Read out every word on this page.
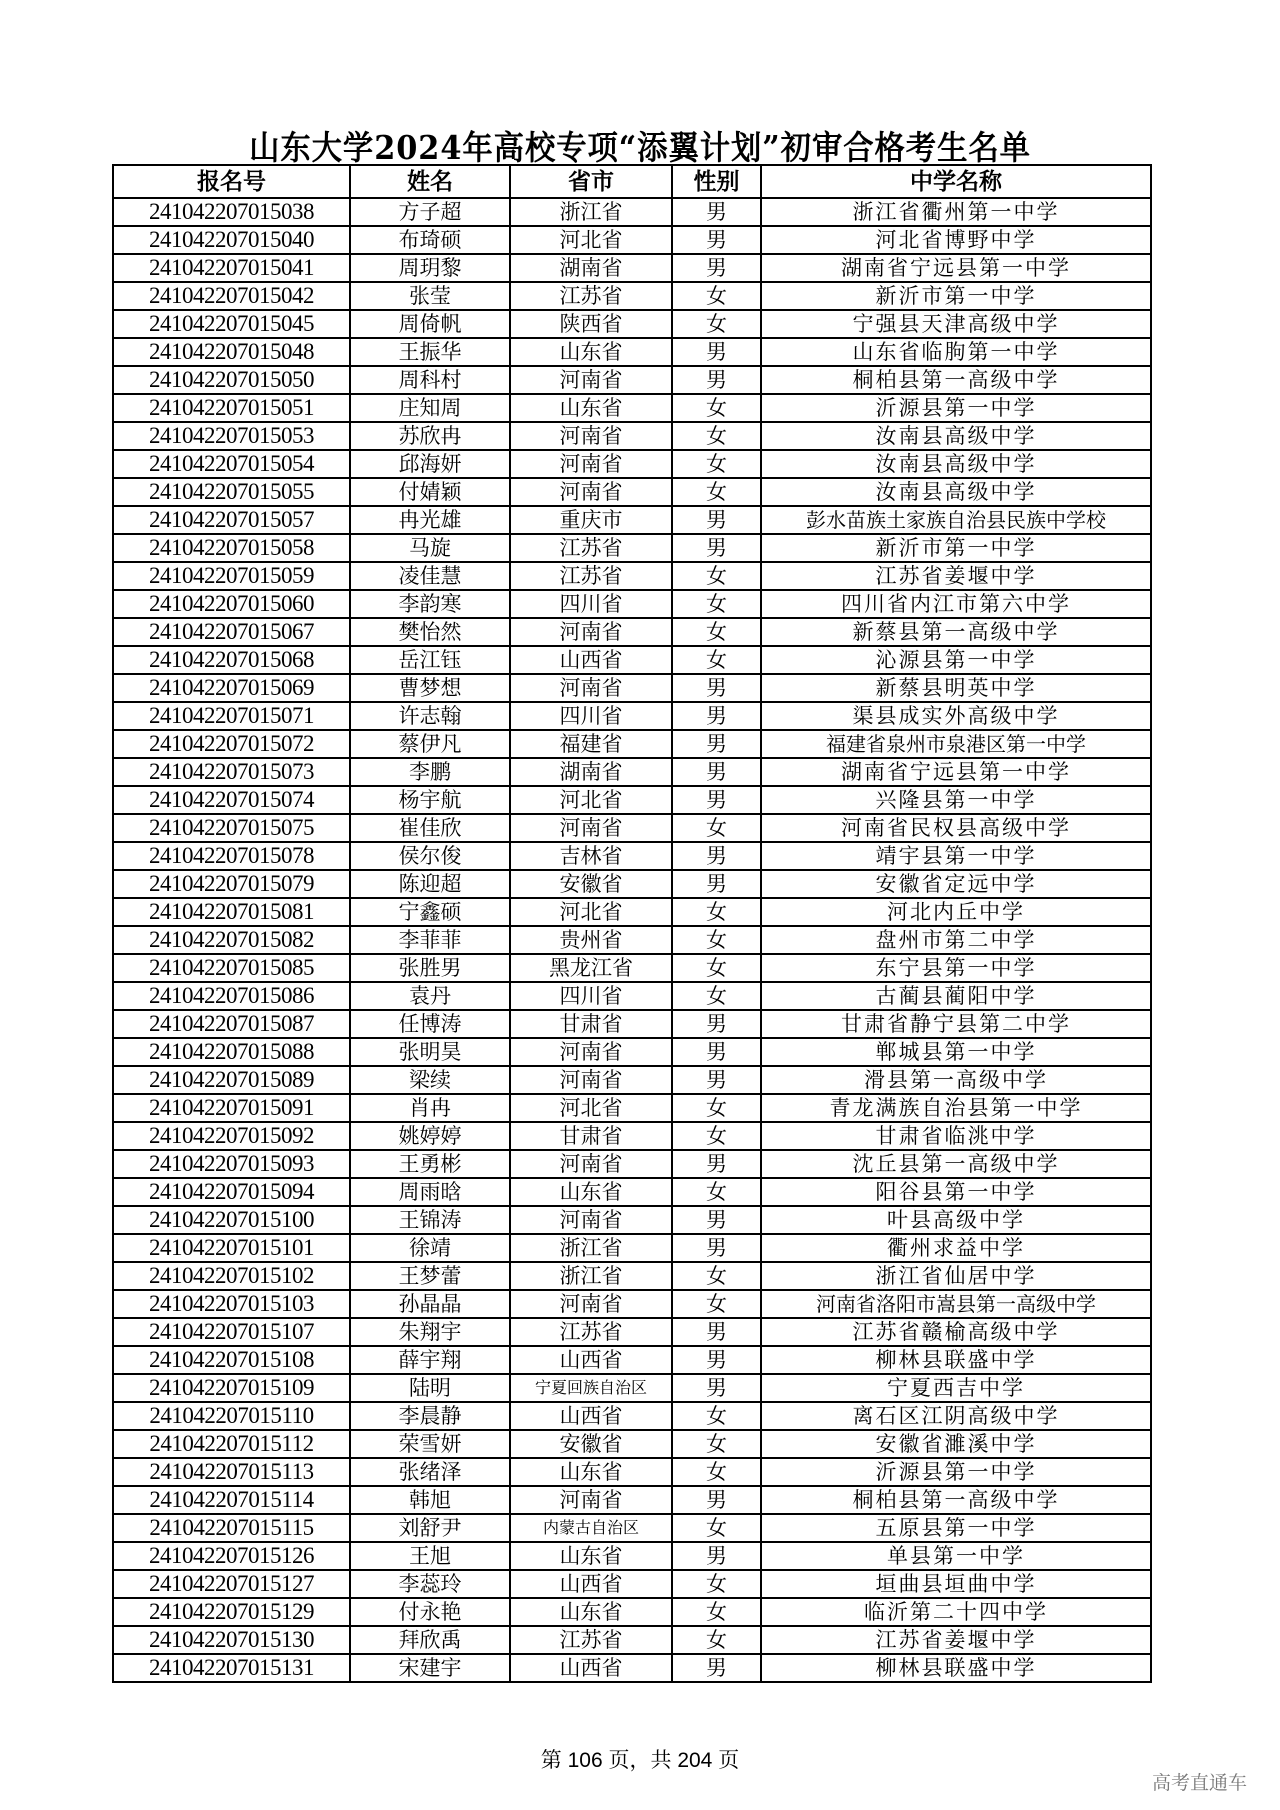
山东大学2024年高校专项“添翼计划”初审合格考生名单
报名号	姓名	省市	性别	中学名称
241042207015038	方子超	浙江省	男	浙江省衢州第一中学
241042207015040	布琦硕	河北省	男	河北省博野中学
241042207015041	周玥黎	湖南省	男	湖南省宁远县第一中学
241042207015042	张莹	江苏省	女	新沂市第一中学
241042207015045	周倚帆	陕西省	女	宁强县天津高级中学
241042207015048	王振华	山东省	男	山东省临朐第一中学
241042207015050	周科村	河南省	男	桐柏县第一高级中学
241042207015051	庄知周	山东省	女	沂源县第一中学
241042207015053	苏欣冉	河南省	女	汝南县高级中学
241042207015054	邱海妍	河南省	女	汝南县高级中学
241042207015055	付婧颖	河南省	女	汝南县高级中学
241042207015057	冉光雄	重庆市	男	彭水苗族土家族自治县民族中学校
241042207015058	马旋	江苏省	男	新沂市第一中学
241042207015059	凌佳慧	江苏省	女	江苏省姜堰中学
241042207015060	李韵寒	四川省	女	四川省内江市第六中学
241042207015067	樊怡然	河南省	女	新蔡县第一高级中学
241042207015068	岳江钰	山西省	女	沁源县第一中学
241042207015069	曹梦想	河南省	男	新蔡县明英中学
241042207015071	许志翰	四川省	男	渠县成实外高级中学
241042207015072	蔡伊凡	福建省	男	福建省泉州市泉港区第一中学
241042207015073	李鹏	湖南省	男	湖南省宁远县第一中学
241042207015074	杨宇航	河北省	男	兴隆县第一中学
241042207015075	崔佳欣	河南省	女	河南省民权县高级中学
241042207015078	侯尔俊	吉林省	男	靖宇县第一中学
241042207015079	陈迎超	安徽省	男	安徽省定远中学
241042207015081	宁鑫硕	河北省	女	河北内丘中学
241042207015082	李菲菲	贵州省	女	盘州市第二中学
241042207015085	张胜男	黑龙江省	女	东宁县第一中学
241042207015086	袁丹	四川省	女	古蔺县蔺阳中学
241042207015087	任博涛	甘肃省	男	甘肃省静宁县第二中学
241042207015088	张明昊	河南省	男	郸城县第一中学
241042207015089	梁续	河南省	男	滑县第一高级中学
241042207015091	肖冉	河北省	女	青龙满族自治县第一中学
241042207015092	姚婷婷	甘肃省	女	甘肃省临洮中学
241042207015093	王勇彬	河南省	男	沈丘县第一高级中学
241042207015094	周雨晗	山东省	女	阳谷县第一中学
241042207015100	王锦涛	河南省	男	叶县高级中学
241042207015101	徐靖	浙江省	男	衢州求益中学
241042207015102	王梦蕾	浙江省	女	浙江省仙居中学
241042207015103	孙晶晶	河南省	女	河南省洛阳市嵩县第一高级中学
241042207015107	朱翔宇	江苏省	男	江苏省赣榆高级中学
241042207015108	薛宇翔	山西省	男	柳林县联盛中学
241042207015109	陆明	宁夏回族自治区	男	宁夏西吉中学
241042207015110	李晨静	山西省	女	离石区江阴高级中学
241042207015112	荣雪妍	安徽省	女	安徽省濉溪中学
241042207015113	张绪泽	山东省	女	沂源县第一中学
241042207015114	韩旭	河南省	男	桐柏县第一高级中学
241042207015115	刘舒尹	内蒙古自治区	女	五原县第一中学
241042207015126	王旭	山东省	男	单县第一中学
241042207015127	李蕊玲	山西省	女	垣曲县垣曲中学
241042207015129	付永艳	山东省	女	临沂第二十四中学
241042207015130	拜欣禹	江苏省	女	江苏省姜堰中学
241042207015131	宋建宇	山西省	男	柳林县联盛中学
第 106 页，共 204 页
高考直通车
